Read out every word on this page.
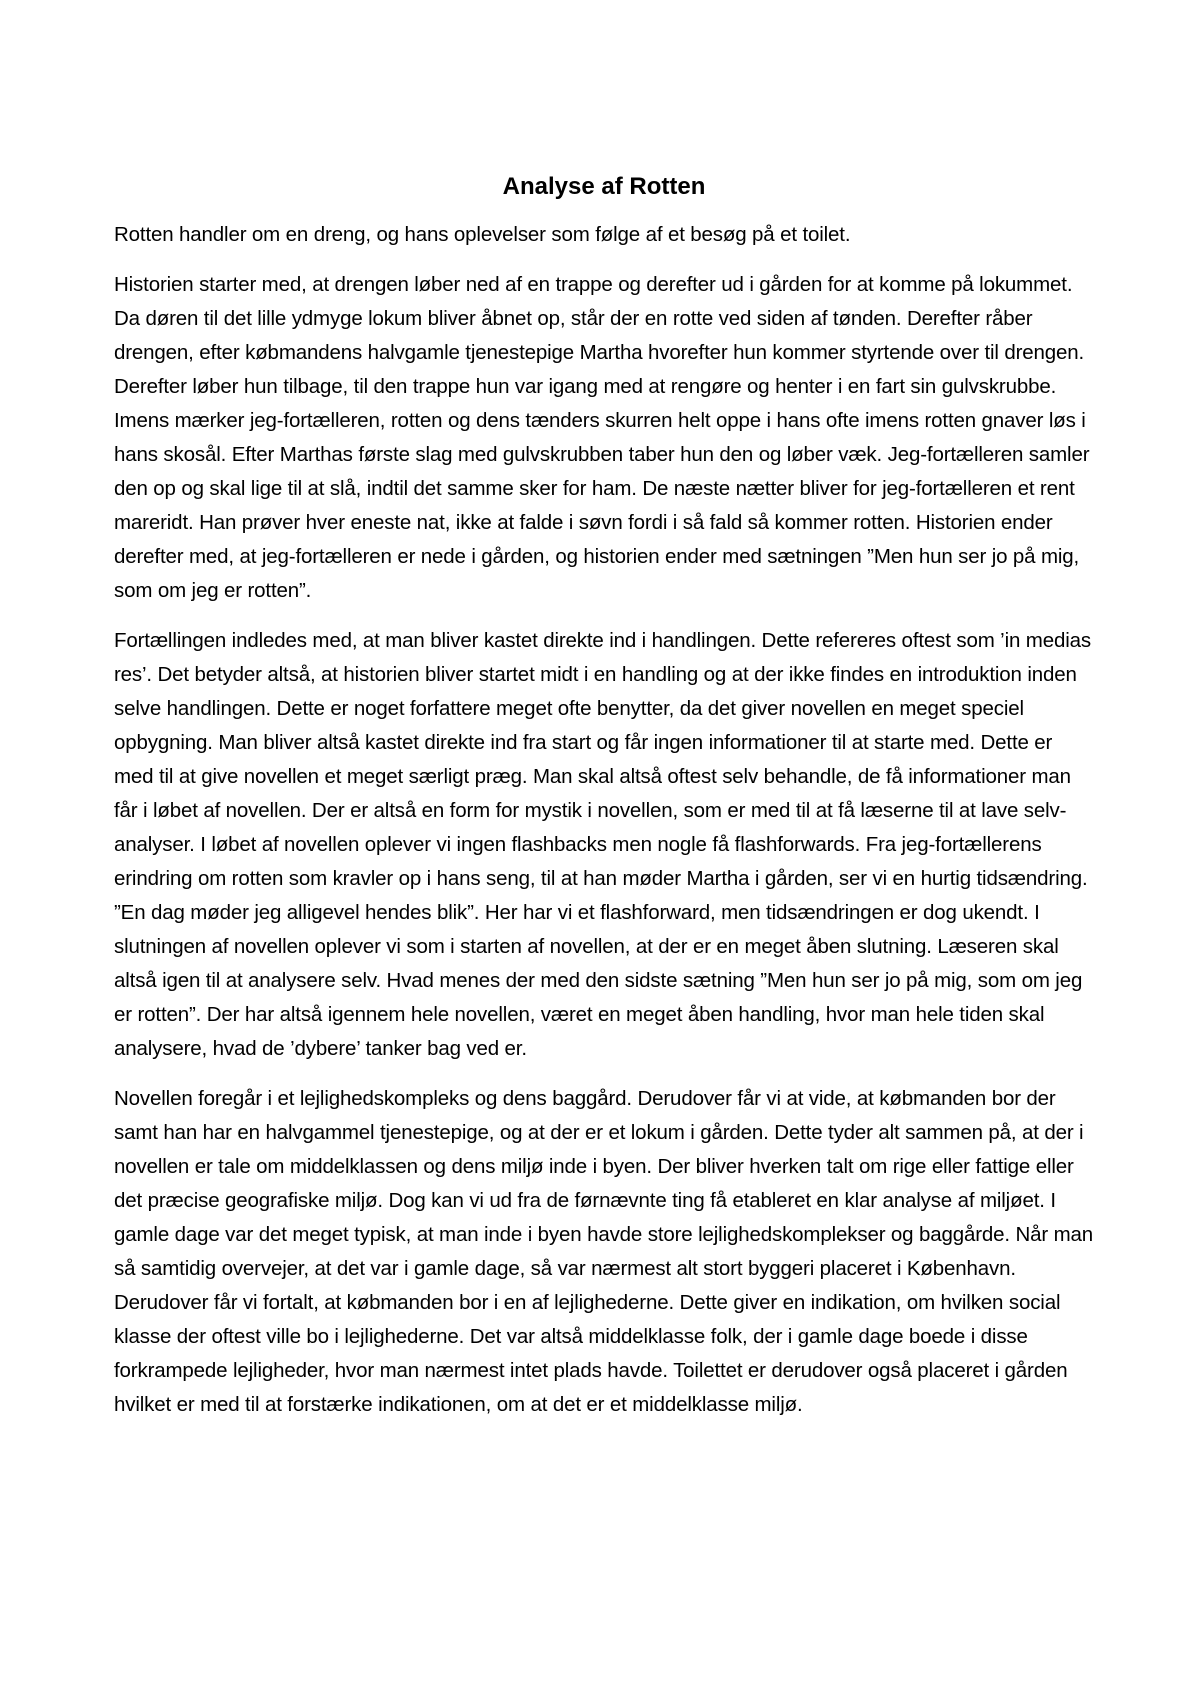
Analyse af Rotten

Rotten handler om en dreng, og hans oplevelser som følge af et besøg på et toilet.

Historien starter med, at drengen løber ned af en trappe og derefter ud i gården for at komme på lokummet. Da døren til det lille ydmyge lokum bliver åbnet op, står der en rotte ved siden af tønden. Derefter råber drengen, efter købmandens halvgamle tjenestepige Martha hvorefter hun kommer styrtende over til drengen. Derefter løber hun tilbage, til den trappe hun var igang med at rengøre og henter i en fart sin gulvskrubbe. Imens mærker jeg-fortælleren, rotten og dens tænders skurren helt oppe i hans ofte imens rotten gnaver løs i hans skosål. Efter Marthas første slag med gulvskrubben taber hun den og løber væk. Jeg-fortælleren samler den op og skal lige til at slå, indtil det samme sker for ham. De næste nætter bliver for jeg-fortælleren et rent mareridt. Han prøver hver eneste nat, ikke at falde i søvn fordi i så fald så kommer rotten. Historien ender derefter med, at jeg-fortælleren er nede i gården, og historien ender med sætningen ”Men hun ser jo på mig, som om jeg er rotten”.

Fortællingen indledes med, at man bliver kastet direkte ind i handlingen. Dette refereres oftest som ’in medias res’. Det betyder altså, at historien bliver startet midt i en handling og at der ikke findes en introduktion inden selve handlingen. Dette er noget forfattere meget ofte benytter, da det giver novellen en meget speciel opbygning. Man bliver altså kastet direkte ind fra start og får ingen informationer til at starte med. Dette er med til at give novellen et meget særligt præg. Man skal altså oftest selv behandle, de få informationer man får i løbet af novellen. Der er altså en form for mystik i novellen, som er med til at få læserne til at lave selv-analyser. I løbet af novellen oplever vi ingen flashbacks men nogle få flashforwards. Fra jeg-fortællerens erindring om rotten som kravler op i hans seng, til at han møder Martha i gården, ser vi en hurtig tidsændring. ”En dag møder jeg alligevel hendes blik”. Her har vi et flashforward, men tidsændringen er dog ukendt. I slutningen af novellen oplever vi som i starten af novellen, at der er en meget åben slutning. Læseren skal altså igen til at analysere selv. Hvad menes der med den sidste sætning ”Men hun ser jo på mig, som om jeg er rotten”. Der har altså igennem hele novellen, været en meget åben handling, hvor man hele tiden skal analysere, hvad de ’dybere’ tanker bag ved er.

Novellen foregår i et lejlighedskompleks og dens baggård. Derudover får vi at vide, at købmanden bor der samt han har en halvgammel tjenestepige, og at der er et lokum i gården. Dette tyder alt sammen på, at der i novellen er tale om middelklassen og dens miljø inde i byen. Der bliver hverken talt om rige eller fattige eller det præcise geografiske miljø. Dog kan vi ud fra de førnævnte ting få etableret en klar analyse af miljøet. I gamle dage var det meget typisk, at man inde i byen havde store lejlighedskomplekser og baggårde. Når man så samtidig overvejer, at det var i gamle dage, så var nærmest alt stort byggeri placeret i København. Derudover får vi fortalt, at købmanden bor i en af lejlighederne. Dette giver en indikation, om hvilken social klasse der oftest ville bo i lejlighederne. Det var altså middelklasse folk, der i gamle dage boede i disse forkrampede lejligheder, hvor man nærmest intet plads havde. Toilettet er derudover også placeret i gården hvilket er med til at forstærke indikationen, om at det er et middelklasse miljø.
